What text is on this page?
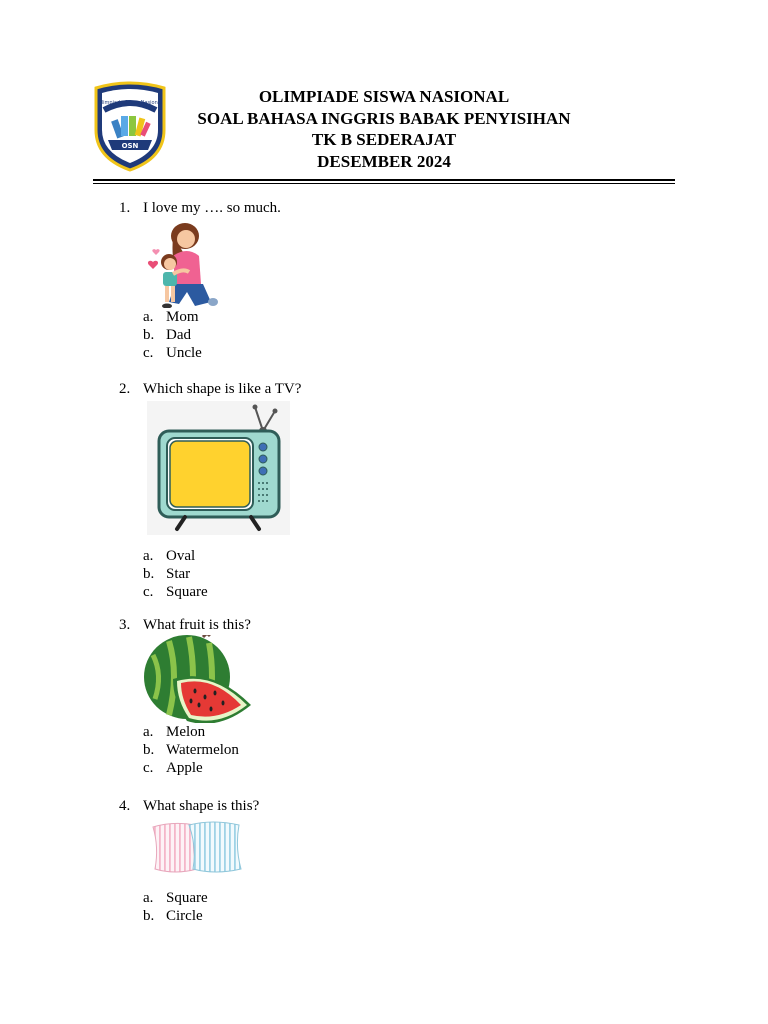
Olimpiade Siswa Nasional
OSN
OLIMPIADE SISWA NASIONAL
SOAL BAHASA INGGRIS BABAK PENYISIHAN
TK B SEDERAJAT
DESEMBER 2024
1. I love my …. so much.
a. Mom
b. Dad
c. Uncle
2. Which shape is like a TV?
a. Oval
b. Star
c. Square
3. What fruit is this?
a. Melon
b. Watermelon
c. Apple
4. What shape is this?
a. Square
b. Circle
